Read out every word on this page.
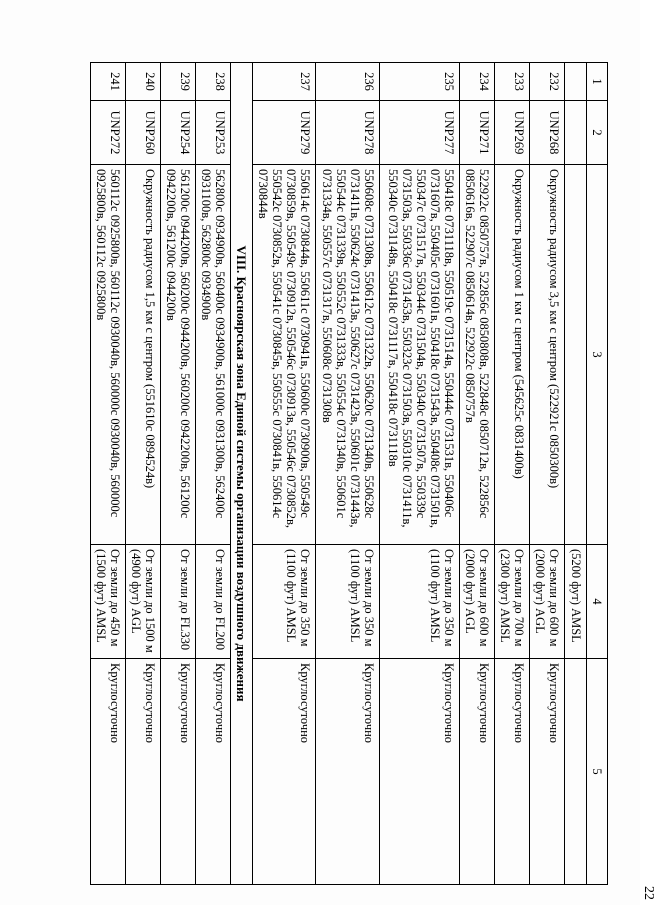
22
1	2	3	4	5
			(5200 фут) AMSL	
232	UNP268	Окружность радиусом 3,5 км с центром (522921с 0850300в)	От земли до 600 м (2000 фут) AGL	Круглосуточно
233	UNP269	Окружность радиусом 1 км с центром (545625с 0831400в)	От земли до 700 м (2300 фут) AMSL	Круглосуточно
234	UNP271	522922с 0850757в, 522856с 0850808в, 522848с 0850712в, 522856с 0850616в, 522907с 0850614в, 522922с 0850757в	От земли до 600 м (2000 фут) AGL	Круглосуточно
235	UNP277	550418с 0731118в, 550519с 0731514в, 550444с 0731531в, 550406с 0731607в, 550405с 0731601в, 550418с 0731543в, 550408с 0731501в, 550347с 0731517в, 550344с 0731504в, 550340с 0731507в, 550339с 0731503в, 550336с 0731453в, 550323с 0731503в, 550310с 0731411в, 550340с 0731148в, 550418с 0731117в, 550418с 0731118в	От земли до 350 м (1100 фут) AMSL	Круглосуточно
236	UNP278	550608с 0731308в, 550612с 0731322в, 550620с 0731340в, 550628с 0731411в, 550624с 0731413в, 550627с 0731423в, 550601с 0731443в, 550544с 0731339в, 550552с 0731333в, 550554с 0731340в, 550601с 0731334в, 550557с 0731317в, 550608с 0731308в	От земли до 350 м (1100 фут) AMSL	Круглосуточно
237	UNP279	550614с 0730844в, 550611с 0730941в, 550600с 0730900в, 550549с 0730859в, 550549с 0730912в, 550546с 0730913в, 550546с 0730852в, 550542с 0730852в, 550541с 0730845в, 550555с 0730841в, 550614с 0730844в	От земли до 350 м (1100 фут) AMSL	Круглосуточно
VIII. Красноярская зона Единой системы организации воздушного движения				
238	UNP253	562800с 0934900в, 560400с 0934900в, 561000с 0931300в, 562400с 0931100в, 562800с 0934900в	От земли до FL200	Круглосуточно
239	UNP254	561200с 0944200в, 560200с 0944200в, 560200с 0942200в, 561200с 0942200в, 561200с 0944200в	От земли до FL330	Круглосуточно
240	UNP260	Окружность радиусом 1,5 км с центром (551610с 0894524в)	От земли до 1500 м (4900 фут) AGL	Круглосуточно
241	UNP272	560112с 0925800в, 560112с 0930040в, 560000с 0930040в, 560000с 0925800в, 560112с 0925800в	От земли до 450 м (1500 фут) AMSL	Круглосуточно
